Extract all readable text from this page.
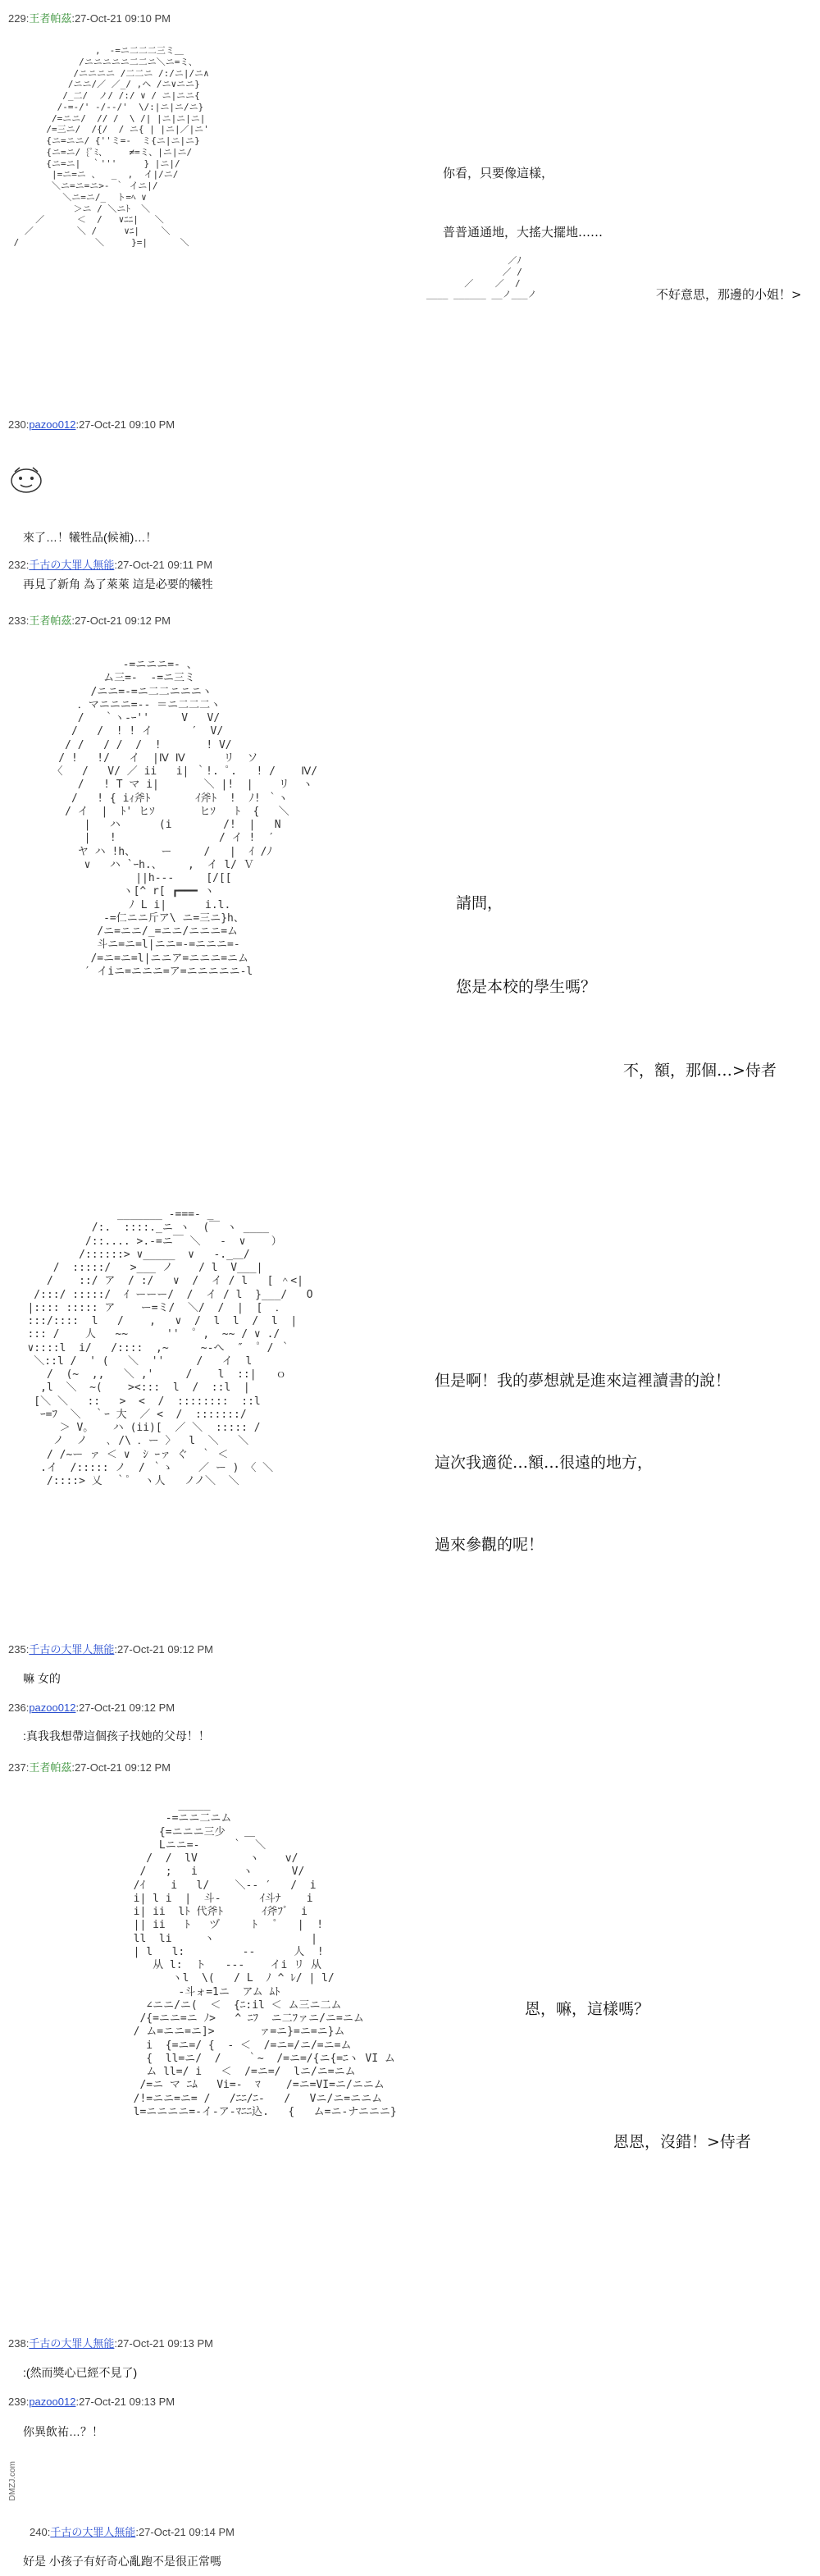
229:王者帕茲:27-Oct-21 09:10 PM
,　‐=ニ二二二三ミ＿
/ニニニニニ二二ニ＼ニ=ミ、
/ニニニニ /二二ニ /:/ニ|/ニ∧
/ニニ/／ ／_/ ,ヘ /ニ∨ニニ}
/_二/  ノ/ /:/ ∨ / ニ|ニニ{
/‐=-/' ‐/--/'  \/:|ニ|ニ/ニ}
/=ニニ/  // /  \ /| |ニ|ニ|ニ|
/=三ニ/  /{/  / ニ{ | |ニ|／|ニ'
{ニ=ニニ/ {''ミ=‐  ミ{ニ|ニ|ニ}
{ニ=ニ/ {ﾟﾐ、    ≠=ミ、|ニ|ニ/
{ニ=ニ|  ｀'''     } |ニ|/
|=ニ=ニ 、  _  ,  イ|/ニ/
＼ニ=ニ=ニ>- ｀ イニ|/
＼ニ=ニ/_  ト=ﾍ ∨
＞ニ / ＼ニﾄ  ＼
／      ＜  /   ∨ﾆﾆ|   ＼
／        ＼ /     ∨ﾆ|    ＼
/              ＼     }=|      ＼

／ﾉ
／ /
／    ／  /
____ ______ __ノ___ノ

你看，只要像這樣，
普普通通地，大搖大擺地……
不好意思，那邊的小姐！>
230:pazoo012:27-Oct-21 09:10 PM
來了…！犧牲品(候補)…！
232:千古の大罪人無能:27-Oct-21 09:11 PM
再見了新角 為了萊萊 這是必要的犧牲
233:王者帕茲:27-Oct-21 09:12 PM
-=ニニニ=- 、
ム三=-  -=ニ三ミ
/ニニ=‐=ニ二二ニニニヽ
．マニニニ=-- ＝ニ二二二ヽ
/   ｀ヽ-ｰ''     V   V/
/   /  ! ! イ      ′  V/
/ /   / /  /  !       ! V/
/ !   !/   イ  |Ⅳ Ⅳ      リ  ソ
〈   /   V/ ／ ii   i| ｀!. ﾟ.   ! /    Ⅳ/
/   ! T マ i|       ＼ |!  |    リ  ヽ
/   ! { iｨ斧ﾄ       ｲ斧ﾄ  !  ﾉ! ｀ヽ
/ イ  |  ﾄ' ヒｿ       ヒｿ   ﾄ  {   ＼
|   ハ      (i        /!  |   N
|   !                / イ !  ′
ヤ ハ !h、    ー     /   |  ｲ /ﾉ
∨   ハ `ｰh.、    ,  イ l/ Ｖ
||h--‐     [/[[
ヽ[^ r[ ┏━━━ ヽ
ﾉ L i|      i.l.
-=仁ニニ斤ア\ ニ=三ニ}h、
/ニ=ニニ/_=ニニ/ニニニ=ム
斗ニ=ニ=l|ニニ=-=ニニニ=-
/=ニ=ニ=l|ニニア=ニニニ=ニム
′ イiニ=ニニニ=ア=ニニニニニ-l

請問，
您是本校的學生嗎？
不，額，那個…>侍者
_______ ‐===- _
/:.  ::::._ニ ヽ  (￣ ヽ ____
/::.... >.-=ニ￣ ＼   ‐  ∨    ）
/::::::> ∨_____  ∨   ‐._＿/
/  :::::/   >___ ノ    / l  V___|
/    ::/ ア  / :/   ∨  /  イ / l   [ ＾<|
/:::/ :::::/  ｲ ーーー/  /  イ / l  }___/   O
|:::: ::::: ア    ー=ミ/  ＼/  /  |  [  ．
:::/::::  l   /    ,   ∨  /  l  l  /  l  |
::: /    人   ~~      ''  ゜,  ~~ / ∨ ./
∨::::l  i/   /::::  ,~     ~‐へ  ″  ゜/ ｀
＼::l /  ' (   ＼  ''     /   イ  l
/  (~  ,,   ＼ ,'     /    l  ::|   ｏ
,l  ＼  ~(    ><:::  l  /  ::l  |
[＼ ＼   ::   >  <  /  ::::::::  ::l
ｰ=ﾌ  ＼  ｀ｰ 大  ／ <  /  :::::::/
＞ V。   ハ (ii)[  ／ ＼  ::::: /
ノ  ノ   ､ /\ ．ー 〉  l  ＼   ＼
/ /~ー ァ ＜ ∨  ｼ ｰァ ぐ  ｀ ＜
.イ  /::::: ノ  / ｀ゝ    ／ ー ) 〈 ＼
/::::> 乂  ｀ﾟ  ヽ人   ノノ＼  ＼

但是啊！我的夢想就是進來這裡讀書的說！
這次我適從…額…很遠的地方，
過來參觀的呢！
235:千古の大罪人無能:27-Oct-21 09:12 PM
嘛 女的
236:pazoo012:27-Oct-21 09:12 PM
:真我我想帶這個孩子找她的父母！！
237:王者帕茲:27-Oct-21 09:12 PM
_____
-=ニニ二ニム
{=ニニニ三少   ＿
Lニニ=-     ｀  ＼
/  /  lV        ヽ    v/
/   ;   i       ヽ      V/
/ｲ    i   l/    ＼-- ′   /  i
i| l i  |  斗-      ｲ斗ﾅ    i
i| ii  lﾄ 代斧ﾄ      ｲ斧ﾌﾞ  i
|| ii   ﾄ   ヅ     ﾄ   ﾟ   |  !
ll  li     ヽ               |
| l   l:         --      人  !
从 l:  ト   ---    イi リ 从
ヽl  \(   / L  ﾉ ^ ﾚ/ | l/
‐斗ォ=1ニ  アム ﾑﾄ
∠ニニ/ニ(  ＜  {ﾆ:il ＜ ム三ニ二ム
/{=ニニ=ニ ﾉ>   ^ ﾆﾌ  ニ二ﾌァニ/ニ=ニム
/ ム=ニニ=ニ]>       ァ=ニ}=ニ=ニ}ム
i  {=ニ=/ {  ‐ ＜  /=ニ=/ニ/=ニ=ム
{  ll=ニ/  /    ｀~  /=ニ=/{ニ{=ﾆヽ VI ム
ム ll=/ i   ＜  /=ニ=/  lニ/ニ=ニム
/=ニ マ ﾆﾑ   Vi=-  ﾏ    /=ニ=VI=ニ/ニニム
/!=ニニ=ニ= /   /ﾆﾆ/ﾆ-   /   Vニ/ニ=ニニム
l=ニニニニ=-イ‐ア-ﾏﾆﾆ込.   {   ム=ニ‐ナニニニ}

恩，嘛，這樣嗎？
恩恩，沒錯！>侍者
238:千古の大罪人無能:27-Oct-21 09:13 PM
:(然而獎心已經不見了)
239:pazoo012:27-Oct-21 09:13 PM
你異飲祐…？！
240:千古の大罪人無能:27-Oct-21 09:14 PM
好是 小孩子有好奇心亂跑不是很正常嗎
DMZJ.com
